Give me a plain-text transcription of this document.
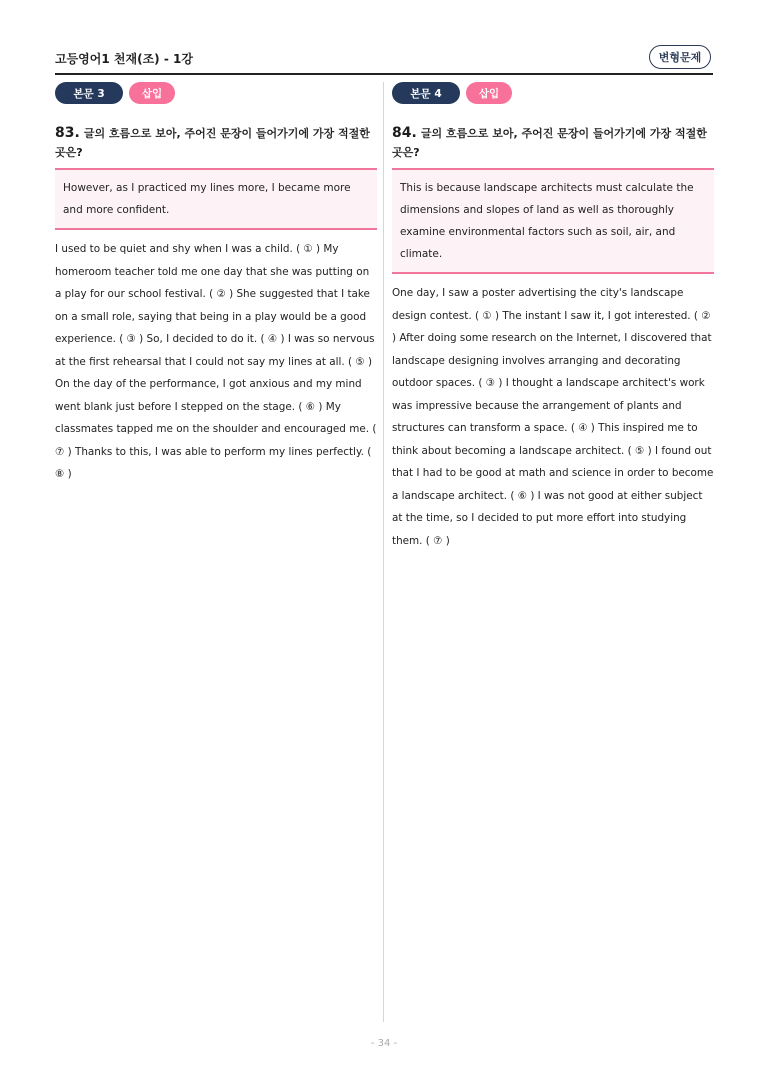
고등영어1 천재(조) - 1강	변형문제
본문 3	삽입
83. 글의 흐름으로 보아, 주어진 문장이 들어가기에 가장 적절한 곳은?
However, as I practiced my lines more, I became more and more confident.
I used to be quiet and shy when I was a child. ( ① ) My homeroom teacher told me one day that she was putting on a play for our school festival. ( ② ) She suggested that I take on a small role, saying that being in a play would be a good experience. ( ③ ) So, I decided to do it. ( ④ ) I was so nervous at the first rehearsal that I could not say my lines at all. ( ⑤ ) On the day of the performance, I got anxious and my mind went blank just before I stepped on the stage. ( ⑥ ) My classmates tapped me on the shoulder and encouraged me. ( ⑦ ) Thanks to this, I was able to perform my lines perfectly. ( ⑧ )
본문 4	삽입
84. 글의 흐름으로 보아, 주어진 문장이 들어가기에 가장 적절한 곳은?
This is because landscape architects must calculate the dimensions and slopes of land as well as thoroughly examine environmental factors such as soil, air, and climate.
One day, I saw a poster advertising the city's landscape design contest. ( ① ) The instant I saw it, I got interested. ( ② ) After doing some research on the Internet, I discovered that landscape designing involves arranging and decorating outdoor spaces. ( ③ ) I thought a landscape architect's work was impressive because the arrangement of plants and structures can transform a space. ( ④ ) This inspired me to think about becoming a landscape architect. ( ⑤ ) I found out that I had to be good at math and science in order to become a landscape architect. ( ⑥ ) I was not good at either subject at the time, so I decided to put more effort into studying them. ( ⑦ )
- 34 -
